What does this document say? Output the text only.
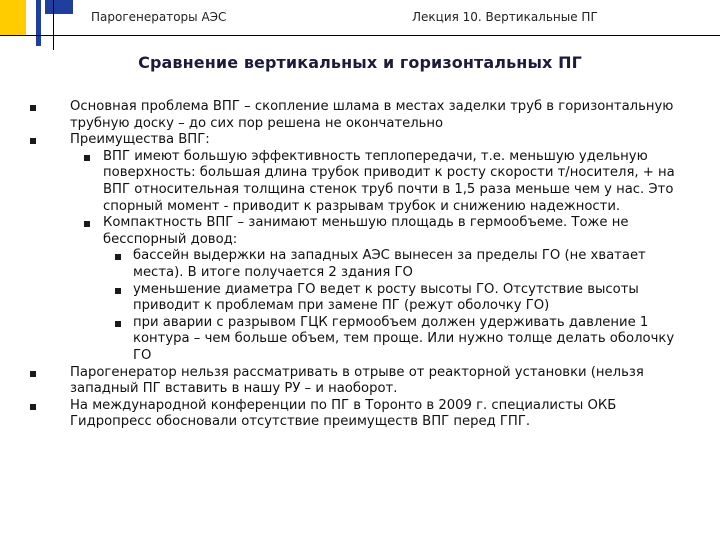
Парогенераторы АЭС	Лекция 10. Вертикальные ПГ
Сравнение вертикальных и горизонтальных ПГ
Основная проблема ВПГ – скопление шлама в местах заделки труб в горизонтальную трубную доску – до сих пор решена не окончательно
Преимущества ВПГ:
ВПГ имеют большую эффективность теплопередачи, т.е. меньшую удельную поверхность: большая длина трубок приводит к росту скорости т/носителя, + на ВПГ относительная толщина стенок труб почти в 1,5 раза меньше чем у нас. Это спорный момент - приводит к разрывам трубок и снижению надежности.
Компактность ВПГ – занимают меньшую площадь в гермообъеме. Тоже не бесспорный довод:
бассейн выдержки на западных АЭС вынесен за пределы ГО (не хватает места). В итоге получается 2 здания ГО
уменьшение диаметра ГО ведет к росту высоты ГО. Отсутствие высоты приводит к проблемам при замене ПГ (режут оболочку ГО)
при аварии с разрывом ГЦК гермообъем должен удерживать давление 1 контура – чем больше объем, тем проще. Или нужно толще делать оболочку ГО
Парогенератор нельзя рассматривать в отрыве от реакторной установки (нельзя западный ПГ вставить в нашу РУ – и наоборот.
На международной конференции по ПГ в Торонто в 2009 г. специалисты ОКБ Гидропресс обосновали отсутствие преимуществ ВПГ перед ГПГ.
